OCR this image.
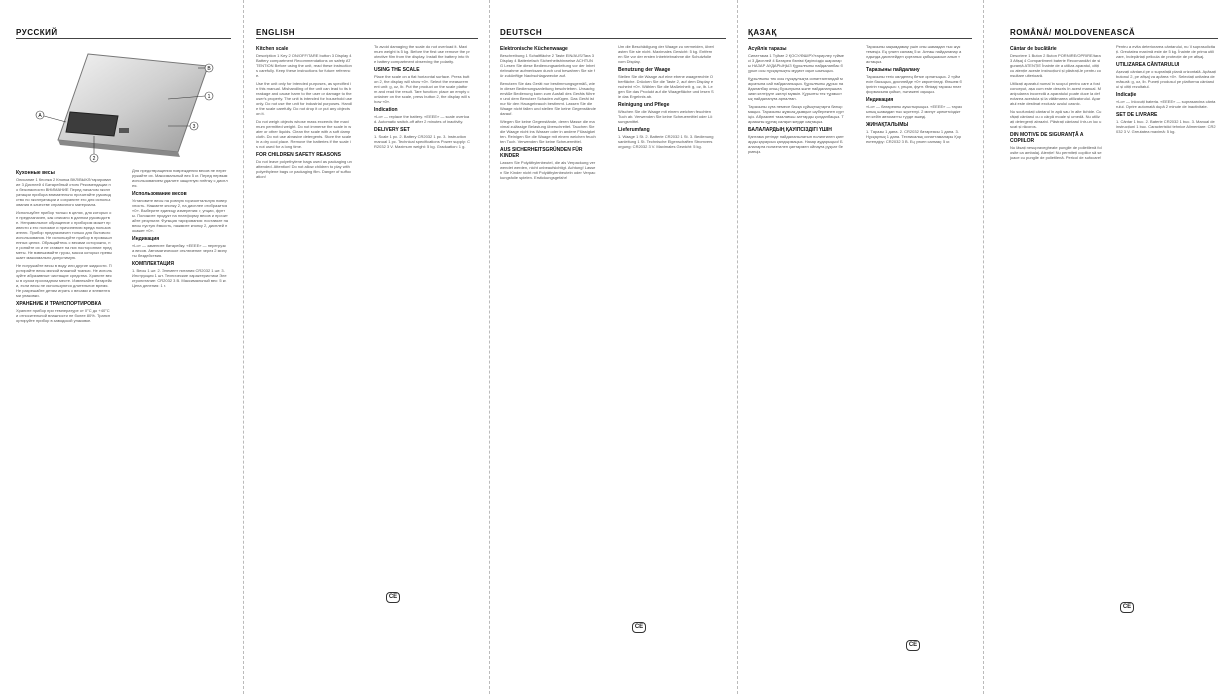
РУССКИЙ	ENGLISH	DEUTSCH	ҚАЗАҚ	ROMÂNĂ/ MOLDOVENEASCĂ
B
1
3
A
2
Кухонные весы

Описание 1 Кнопка 2 Кнопка ВКЛ/ВЫКЛ/тарирование 3 Дисплей 4 Батарейный отсек Рекомендации по безопасности ВНИМАНИЕ Перед началом эксплуатации прибора внимательно прочитайте руководство по эксплуатации и сохраните его для использования в качестве справочного материала.

Используйте прибор только в целях, для которых он предназначен, как описано в данном руководстве. Неправильное обращение с прибором может привести к его поломке и причинению вреда пользователю. Прибор предназначен только для бытового использования. Не используйте прибор в промышленных целях. Обращайтесь с весами осторожно, не роняйте их и не ставьте на них посторонние предметы. Не взвешивайте грузы, масса которых превышает максимально допустимую.

Не погружайте весы в воду или другие жидкости. Протирайте весы мягкой влажной тканью. Не используйте абразивные чистящие средства. Храните весы в сухом прохладном месте. Извлекайте батарейки, если весы не используются длительное время. Не разрешайте детям играть с весами и элементами упаковки.

ХРАНЕНИЕ И ТРАНСПОРТИРОВКА

Храните прибор при температуре от 0°С до +40°С и относительной влажности не более 80%. Транспортируйте прибор в заводской упаковке.

Для предотвращения повреждения весов не перегружайте их. Максимальный вес 5 кг. Перед первым использованием удалите защитную плёнку с дисплея.

Использование весов

Установите весы на ровную горизонтальную поверхность. Нажмите кнопку 2, на дисплее отобразится «0». Выберите единицу измерения: г, унции, фунты. Положите продукт на платформу весов и прочитайте результат. Функция тарирования: поставьте на весы пустую ёмкость, нажмите кнопку 2, дисплей покажет «0».

Индикация

«Lo» — замените батарейку. «EEEE» — перегрузка весов. Автоматическое отключение через 2 минуты бездействия.

КОМПЛЕКТАЦИЯ

1. Весы 1 шт. 2. Элемент питания CR2032 1 шт. 3. Инструкция 1 шт. Технические характеристики Электропитание: CR2032 3 В. Максимальный вес: 5 кг. Цена деления: 1 г.

Kitchen scale

Description 1 Key 2 ON/OFF/TARE button 3 Display 4 Battery compartment Recommendations on safety ATTENTION Before using the unit, read these instructions carefully. Keep these instructions for future reference.

Use the unit only for intended purposes, as specified in this manual. Mishandling of the unit can lead to its breakage and cause harm to the user or damage to the user's property. The unit is intended for household use only. Do not use the unit for industrial purposes. Handle the scale carefully. Do not drop it or put any objects on it.

Do not weigh objects whose mass exceeds the maximum permitted weight. Do not immerse the scale in water or other liquids. Clean the scale with a soft damp cloth. Do not use abrasive detergents. Store the scale in a dry cool place. Remove the batteries if the scale is not used for a long time.

FOR CHILDREN SAFETY REASONS

Do not leave polyethylene bags used as packaging unattended. Attention! Do not allow children to play with polyethylene bags or packaging film. Danger of suffocation!

To avoid damaging the scale do not overload it. Maximum weight is 5 kg. Before the first use remove the protective film from the display. Install the battery into the battery compartment observing the polarity.

USING THE SCALE

Place the scale on a flat horizontal surface. Press button 2, the display will show «0». Select the measurement unit: g, oz, lb. Put the product on the scale platform and read the result. Tare function: place an empty container on the scale, press button 2, the display will show «0».

Indication

«Lo» — replace the battery. «EEEE» — scale overload. Automatic switch-off after 2 minutes of inactivity.

DELIVERY SET

1. Scale 1 pc. 2. Battery CR2032 1 pc. 3. Instruction manual 1 pc. Technical specifications Power supply: CR2032 3 V. Maximum weight: 5 kg. Graduation: 1 g.

CE
Elektronische Küchenwaage

Beschreibung 1 Schaltfläche 2 Taste EIN/AUS/Tara 3 Display 4 Batteriefach Sicherheitshinweise ACHTUNG Lesen Sie diese Bedienungsanleitung vor der Inbetriebnahme aufmerksam durch und bewahren Sie sie für zukünftige Nachschlagzwecke auf.

Benutzen Sie das Gerät nur bestimmungsgemäß, wie in dieser Bedienungsanleitung beschrieben. Unsachgemäße Bedienung kann zum Ausfall des Geräts führen und dem Benutzer Schaden zufügen. Das Gerät ist nur für den Hausgebrauch bestimmt. Lassen Sie die Waage nicht fallen und stellen Sie keine Gegenstände darauf.

Wiegen Sie keine Gegenstände, deren Masse die maximal zulässige Belastung überschreitet. Tauchen Sie die Waage nicht ins Wasser oder in andere Flüssigkeiten. Reinigen Sie die Waage mit einem weichen feuchten Tuch. Verwenden Sie keine Scheuermittel.

AUS SICHERHEITSGRÜNDEN FÜR KINDER

Lassen Sie Polyäthylenbeutel, die als Verpackung verwendet werden, nicht unbeaufsichtigt. Achtung! Lassen Sie Kinder nicht mit Polyäthylenbeuteln oder Verpackungsfolie spielen. Erstickungsgefahr!

Um die Beschädigung der Waage zu vermeiden, überlasten Sie sie nicht. Maximales Gewicht: 5 kg. Entfernen Sie vor der ersten Inbetriebnahme die Schutzfolie vom Display.

Benutzung der Waage

Stellen Sie die Waage auf eine ebene waagerechte Oberfläche. Drücken Sie die Taste 2, auf dem Display erscheint «0». Wählen Sie die Maßeinheit: g, oz, lb. Legen Sie das Produkt auf die Waagefläche und lesen Sie das Ergebnis ab.

Reinigung und Pflege

Wischen Sie die Waage mit einem weichen feuchten Tuch ab. Verwenden Sie keine Scheuermittel oder Lösungsmittel.

Lieferumfang

1. Waage 1 St. 2. Batterie CR2032 1 St. 3. Bedienungsanleitung 1 St. Technische Eigenschaften Stromversorgung: CR2032 3 V. Maximales Gewicht: 5 kg.

CE
Асүйлік таразы

Сипаттама 1 Түйме 2 ҚОСУ/ӨШІРУ/тарирлеу түймесі 3 Дисплей 4 Батарея бөлімі Қауіпсіздік шаралары НАЗАР АУДАРЫҢЫЗ Құрылғыны пайдаланбас бұрын осы нұсқаулықты мұқият оқып шығыңыз.

Құрылғыны тек осы нұсқаулықта сипатталғандай мақсатына сай пайдаланыңыз. Құрылғыны дұрыс пайдаланбау оның бұзылуына және пайдаланушыға зиян келтіруге әкелуі мүмкін. Құрылғы тек тұрмыстық пайдалануға арналған.

Таразыны суға немесе басқа сұйықтықтарға батырмаңыз. Таразыны жұмсақ дымқыл шүберекпен сүртіңіз. Абразивті тазалағыш заттарды қолданбаңыз. Таразыны құрғақ салқын жерде сақтаңыз.

БАЛАЛАРДЫҢ ҚАУІПСІЗДІГІ ҮШІН

Қаптама ретінде пайдаланылатын полиэтилен қаптарды қараусыз қалдырмаңыз. Назар аударыңыз! Балаларға полиэтилен қаптармен ойнауға рұқсат бермеңіз.

Таразыны зақымдамау үшін оны шамадан тыс жүктемеңіз. Ең үлкен салмақ 5 кг. Алғаш пайдаланар алдында дисплейден қорғаныс қабықшасын алып тастаңыз.

Таразыны пайдалану

Таразыны тегіс көлденең бетке орнатыңыз. 2 түймесін басыңыз, дисплейде «0» көрсетіледі. Өлшем бірлігін таңдаңыз: г, унция, фунт. Өнімді таразы платформасына қойып, нәтижені оқыңыз.

Индикация

«Lo» — батареяны ауыстырыңыз. «EEEE» — таразының шамадан тыс жүктелуі. 2 минут әрекетсіздіктен кейін автоматты түрде өшеді.

ЖИНАҚТАЛЫМЫ

1. Таразы 1 дана. 2. CR2032 батареясы 1 дана. 3. Нұсқаулық 1 дана. Техникалық сипаттамалары Қоректендіру: CR2032 3 В. Ең үлкен салмақ: 5 кг.

CE
Cântar de bucătărie

Descriere 1 Buton 2 Buton PORNIRE/OPRIRE/tara 3 Afișaj 4 Compartiment baterie Recomandări de siguranță ATENȚIE Înainte de a utiliza aparatul, citiți cu atenție aceste instrucțiuni și păstrați-le pentru consultare ulterioară.

Utilizați aparatul numai în scopul pentru care a fost conceput, așa cum este descris în acest manual. Manipularea incorectă a aparatului poate duce la defectarea acestuia și la vătămarea utilizatorului. Aparatul este destinat exclusiv uzului casnic.

Nu scufundați cântarul în apă sau în alte lichide. Curățați cântarul cu o cârpă moale și umedă. Nu utilizați detergenți abrazivi. Păstrați cântarul într-un loc uscat și răcoros.

DIN MOTIVE DE SIGURANȚĂ A COPIILOR

Nu lăsați nesupravegheate pungile de polietilenă folosite ca ambalaj. Atenție! Nu permiteți copiilor să se joace cu pungile de polietilenă. Pericol de sufocare!

Pentru a evita deteriorarea cântarului, nu îl suprasolicitați. Greutatea maximă este de 5 kg. Înainte de prima utilizare, îndepărtați pelicula de protecție de pe afișaj.

UTILIZAREA CÂNTARULUI

Așezați cântarul pe o suprafață plană orizontală. Apăsați butonul 2, pe afișaj va apărea «0». Selectați unitatea de măsură: g, oz, lb. Puneți produsul pe platforma cântarului și citiți rezultatul.

Indicație

«Lo» — înlocuiți bateria. «EEEE» — suprasarcina cântarului. Oprire automată după 2 minute de inactivitate.

SET DE LIVRARE

1. Cântar 1 buc. 2. Baterie CR2032 1 buc. 3. Manual de instrucțiuni 1 buc. Caracteristici tehnice Alimentare: CR2032 3 V. Greutatea maximă: 5 kg.

CE
